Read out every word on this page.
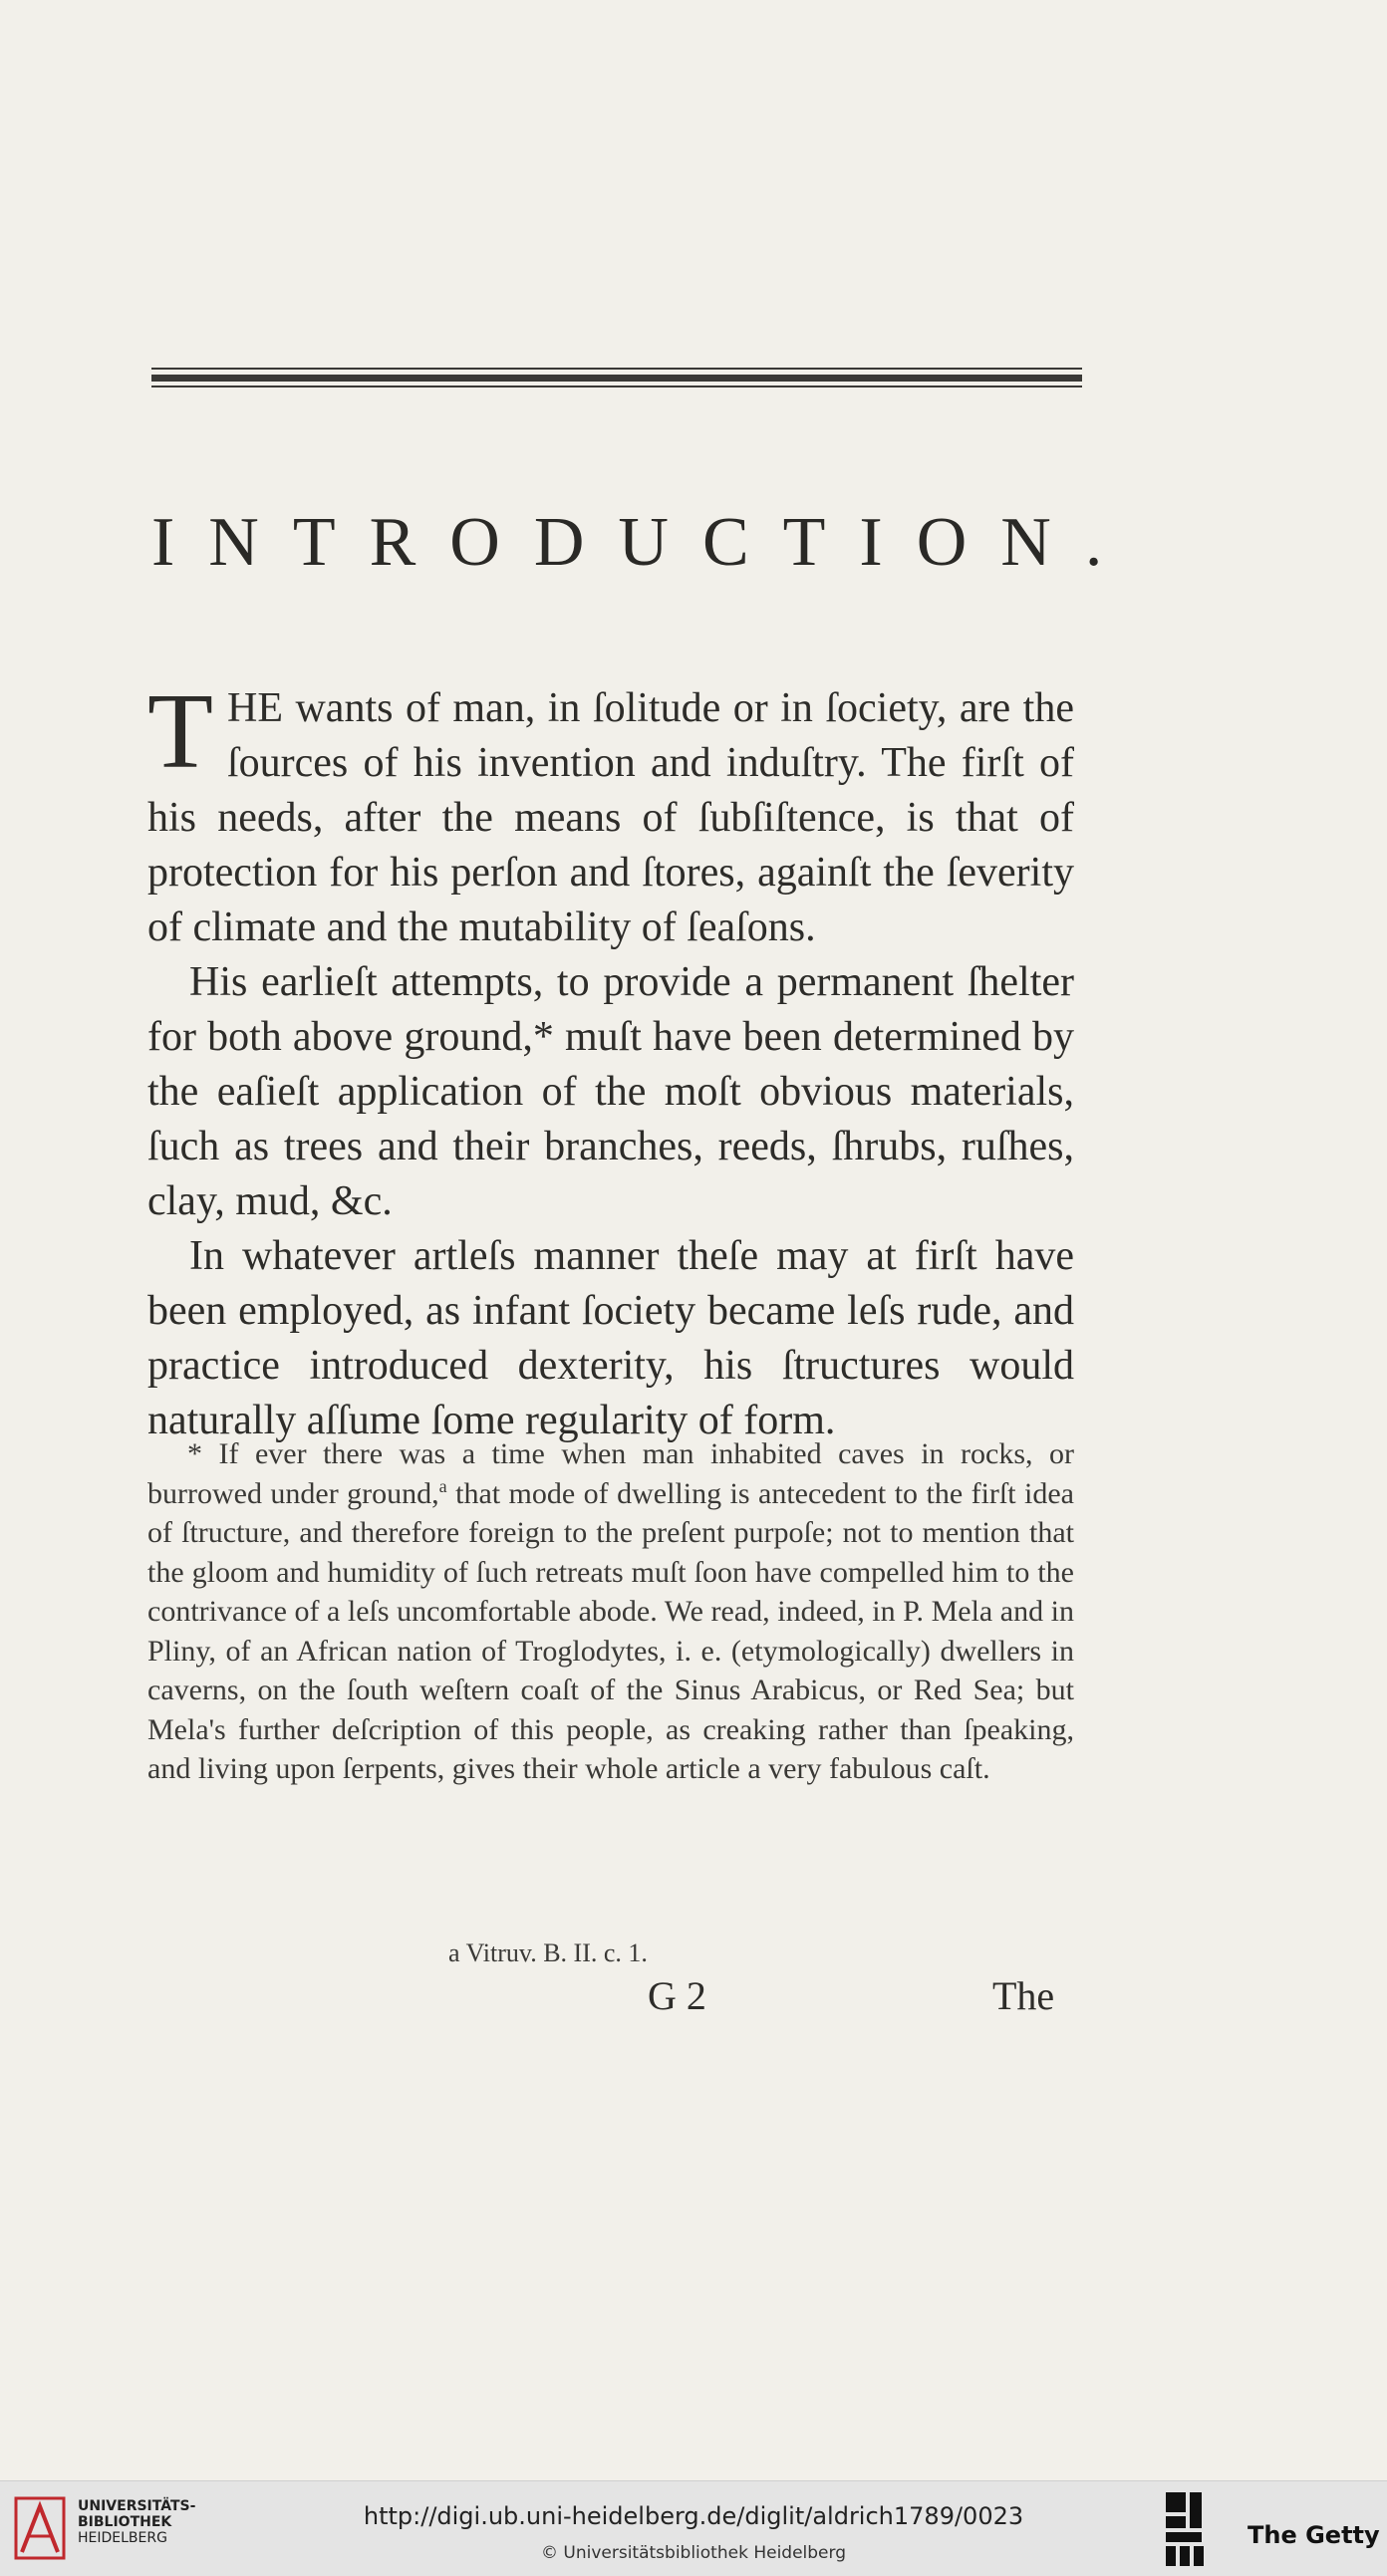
INTRODUCTION.

THE wants of man, in ſolitude or in ſociety, are the ſources of his invention and induſtry. The firſt of his needs, after the means of ſubſiſtence, is that of protection for his perſon and ſtores, againſt the ſeverity of climate and the mutability of ſeaſons.

His earlieſt attempts, to provide a permanent ſhelter for both above ground,* muſt have been determined by the eaſieſt application of the moſt obvious materials, ſuch as trees and their branches, reeds, ſhrubs, ruſhes, clay, mud, &c.

In whatever artleſs manner theſe may at firſt have been employed, as infant ſociety became leſs rude, and practice introduced dexterity, his ſtructures would naturally aſſume ſome regularity of form.

* If ever there was a time when man inhabited caves in rocks, or burrowed under ground,$^a$ that mode of dwelling is antecedent to the firſt idea of ſtructure, and therefore foreign to the preſent purpoſe; not to mention that the gloom and humidity of ſuch retreats muſt ſoon have compelled him to the contrivance of a leſs uncomfortable abode. We read, indeed, in P. Mela and in Pliny, of an African nation of Troglodytes, i. e. (etymologically) dwellers in caverns, on the ſouth weſtern coaſt of the Sinus Arabicus, or Red Sea; but Mela's further deſcription of this people, as creaking rather than ſpeaking, and living upon ſerpents, gives their whole article a very fabulous caſt.
a Vitruv. B. II. c. 1.
G 2	The
UNIVERSITÄTS-
BIBLIOTHEK
HEIDELBERG
http://digi.ub.uni-heidelberg.de/diglit/aldrich1789/0023
© Universitätsbibliothek Heidelberg
The Getty
